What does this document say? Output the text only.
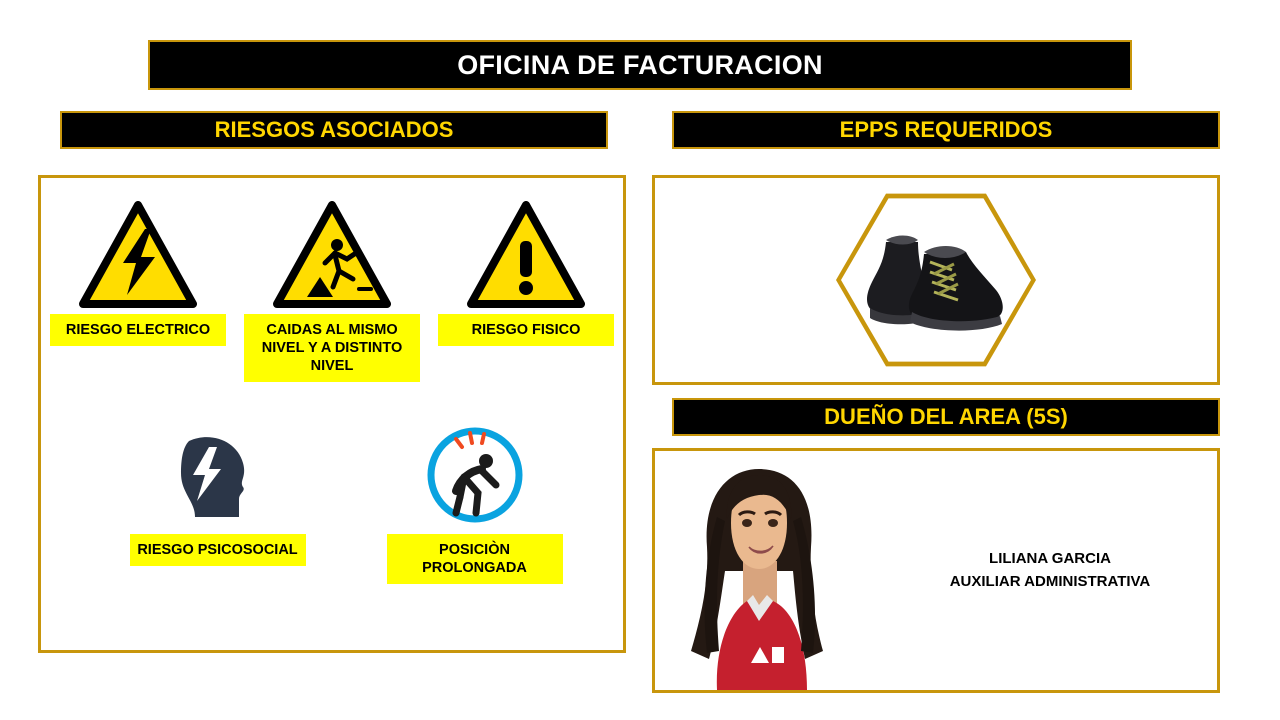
OFICINA DE FACTURACION
RIESGOS ASOCIADOS	EPPS REQUERIDOS
RIESGO ELECTRICO	CAIDAS AL MISMO NIVEL Y A DISTINTO NIVEL
RIESGO FISICO
RIESGO PSICOSOCIAL	POSICIÒN PROLONGADA
DUEÑO DEL AREA (5S)
LILIANA GARCIA
AUXILIAR ADMINISTRATIVA
